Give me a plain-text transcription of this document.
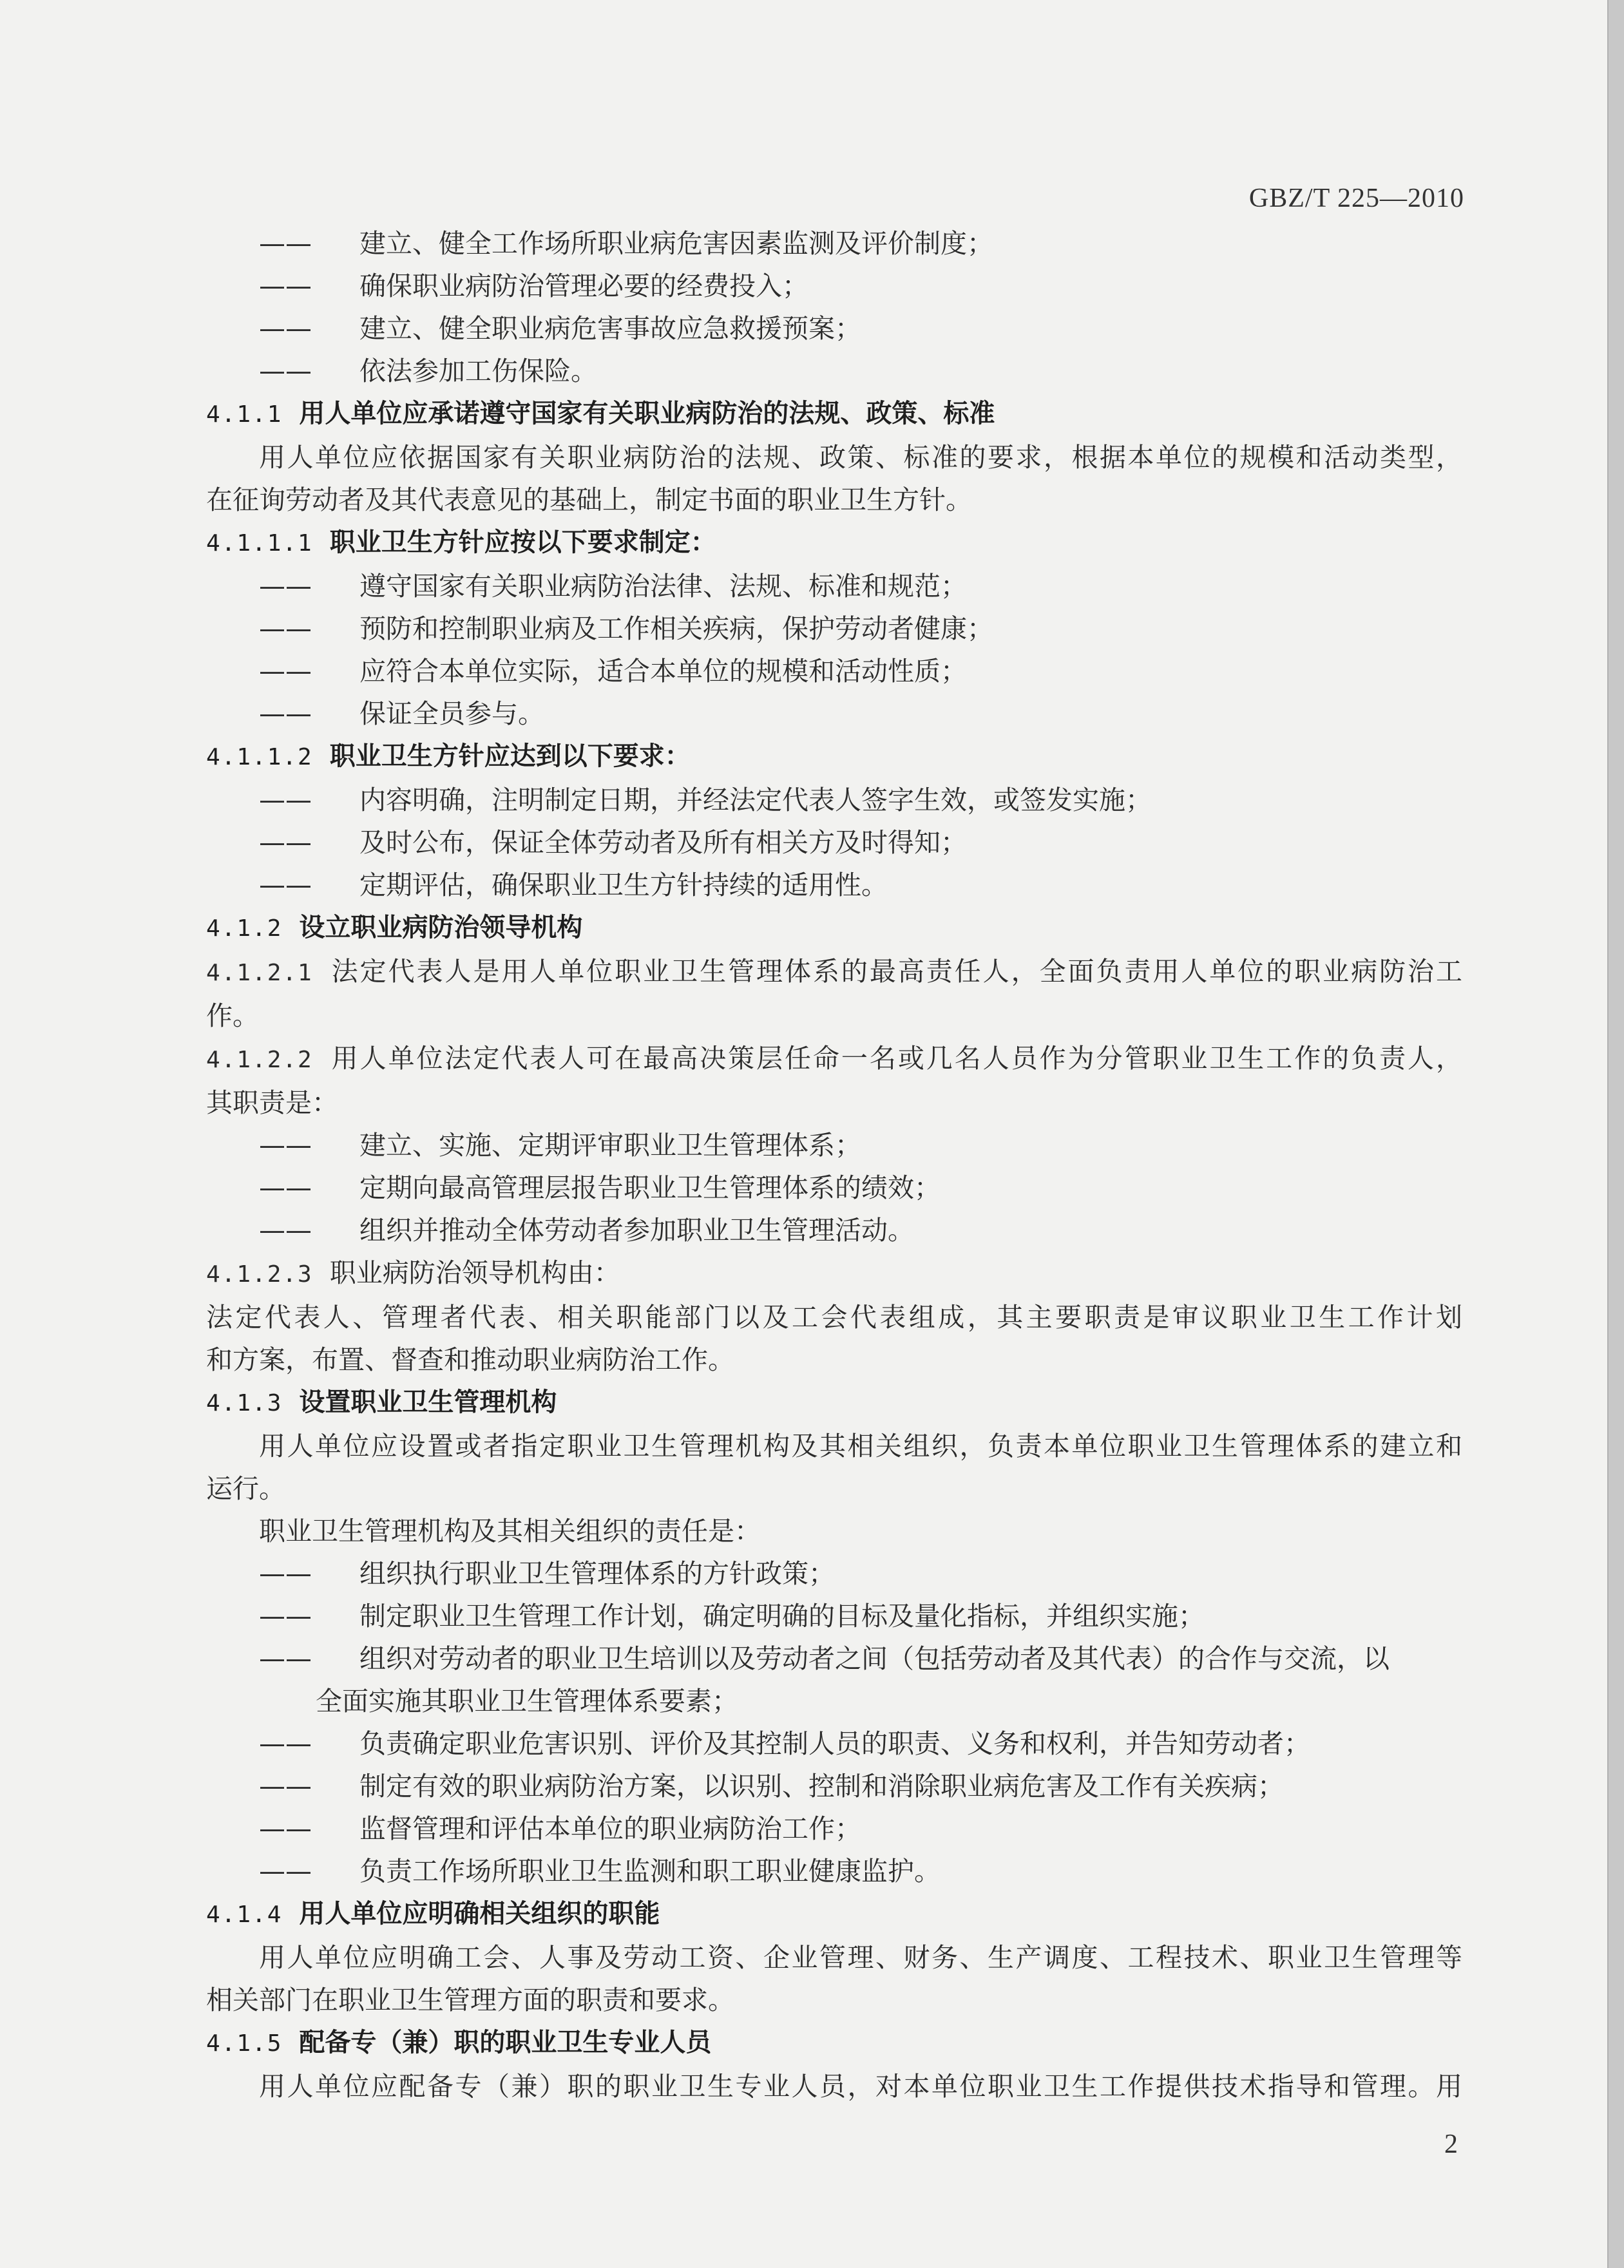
GBZ/T 225—2010
—— 建立、健全工作场所职业病危害因素监测及评价制度；

—— 确保职业病防治管理必要的经费投入；

—— 建立、健全职业病危害事故应急救援预案；

—— 依法参加工伤保险。

4.1.1 用人单位应承诺遵守国家有关职业病防治的法规、政策、标准
用人单位应依据国家有关职业病防治的法规、政策、标准的要求，根据本单位的规模和活动类型，
在征询劳动者及其代表意见的基础上，制定书面的职业卫生方针。
4.1.1.1 职业卫生方针应按以下要求制定：
—— 遵守国家有关职业病防治法律、法规、标准和规范；

—— 预防和控制职业病及工作相关疾病，保护劳动者健康；

—— 应符合本单位实际，适合本单位的规模和活动性质；

—— 保证全员参与。

4.1.1.2 职业卫生方针应达到以下要求：
—— 内容明确，注明制定日期，并经法定代表人签字生效，或签发实施；

—— 及时公布，保证全体劳动者及所有相关方及时得知；

—— 定期评估，确保职业卫生方针持续的适用性。

4.1.2 设立职业病防治领导机构
4.1.2.1 法定代表人是用人单位职业卫生管理体系的最高责任人，全面负责用人单位的职业病防治工
作。
4.1.2.2 用人单位法定代表人可在最高决策层任命一名或几名人员作为分管职业卫生工作的负责人，
其职责是：
—— 建立、实施、定期评审职业卫生管理体系；

—— 定期向最高管理层报告职业卫生管理体系的绩效；

—— 组织并推动全体劳动者参加职业卫生管理活动。

4.1.2.3 职业病防治领导机构由：
法定代表人、管理者代表、相关职能部门以及工会代表组成，其主要职责是审议职业卫生工作计划
和方案，布置、督查和推动职业病防治工作。
4.1.3 设置职业卫生管理机构
用人单位应设置或者指定职业卫生管理机构及其相关组织，负责本单位职业卫生管理体系的建立和
运行。
职业卫生管理机构及其相关组织的责任是：
—— 组织执行职业卫生管理体系的方针政策；

—— 制定职业卫生管理工作计划，确定明确的目标及量化指标，并组织实施；

—— 组织对劳动者的职业卫生培训以及劳动者之间（包括劳动者及其代表）的合作与交流，以

全面实施其职业卫生管理体系要素；

—— 负责确定职业危害识别、评价及其控制人员的职责、义务和权利，并告知劳动者；

—— 制定有效的职业病防治方案，以识别、控制和消除职业病危害及工作有关疾病；

—— 监督管理和评估本单位的职业病防治工作；

—— 负责工作场所职业卫生监测和职工职业健康监护。

4.1.4 用人单位应明确相关组织的职能
用人单位应明确工会、人事及劳动工资、企业管理、财务、生产调度、工程技术、职业卫生管理等
相关部门在职业卫生管理方面的职责和要求。
4.1.5 配备专（兼）职的职业卫生专业人员
用人单位应配备专（兼）职的职业卫生专业人员，对本单位职业卫生工作提供技术指导和管理。用
2
